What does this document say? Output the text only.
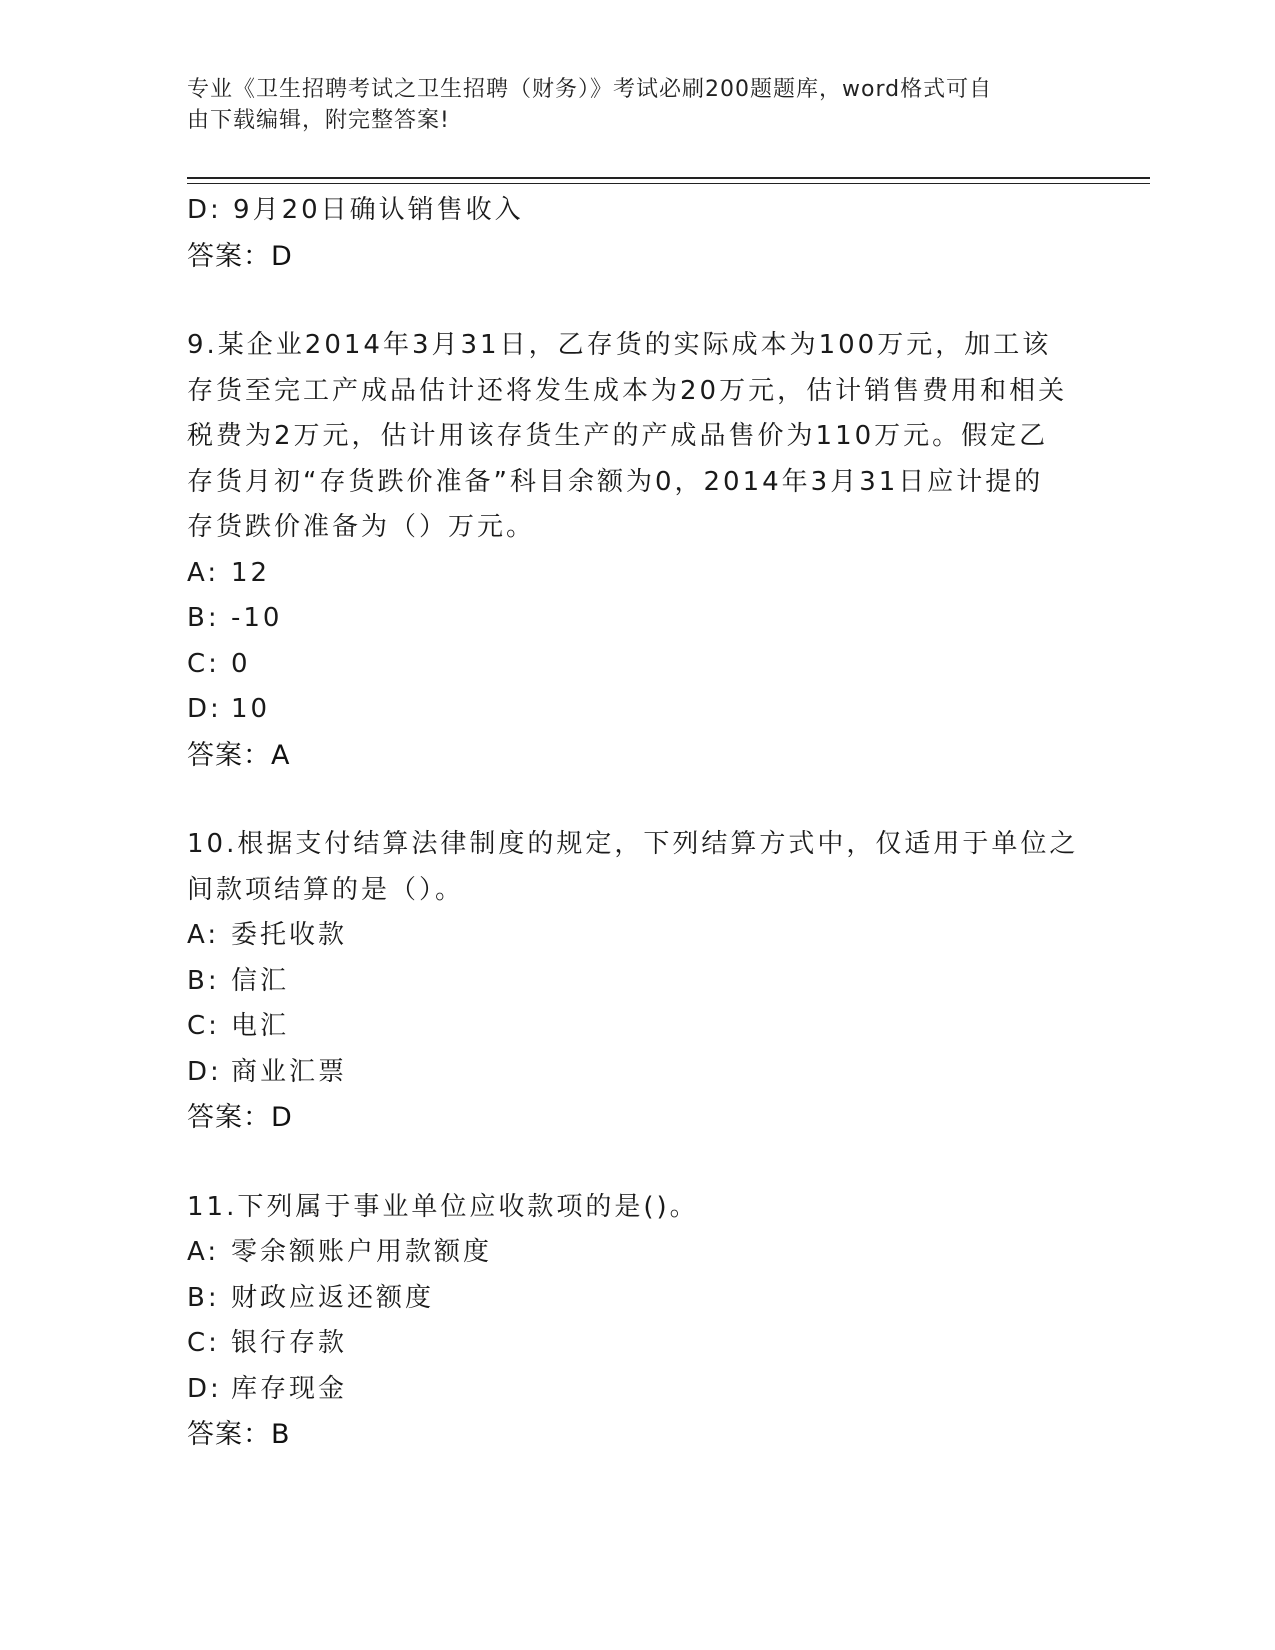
专业《卫生招聘考试之卫生招聘（财务）》考试必刷200题题库，word格式可自
由下载编辑，附完整答案!
D: 9月20日确认销售收入
答案：D
9.某企业2014年3月31日，乙存货的实际成本为100万元，加工该
存货至完工产成品估计还将发生成本为20万元，估计销售费用和相关
税费为2万元，估计用该存货生产的产成品售价为110万元。假定乙
存货月初“存货跌价准备”科目余额为0，2014年3月31日应计提的
存货跌价准备为（）万元。
A: 12
B: -10
C: 0
D: 10
答案：A
10.根据支付结算法律制度的规定，下列结算方式中，仅适用于单位之
间款项结算的是（）。
A: 委托收款
B: 信汇
C: 电汇
D: 商业汇票
答案：D
11.下列属于事业单位应收款项的是()。
A: 零余额账户用款额度
B: 财政应返还额度
C: 银行存款
D: 库存现金
答案：B
